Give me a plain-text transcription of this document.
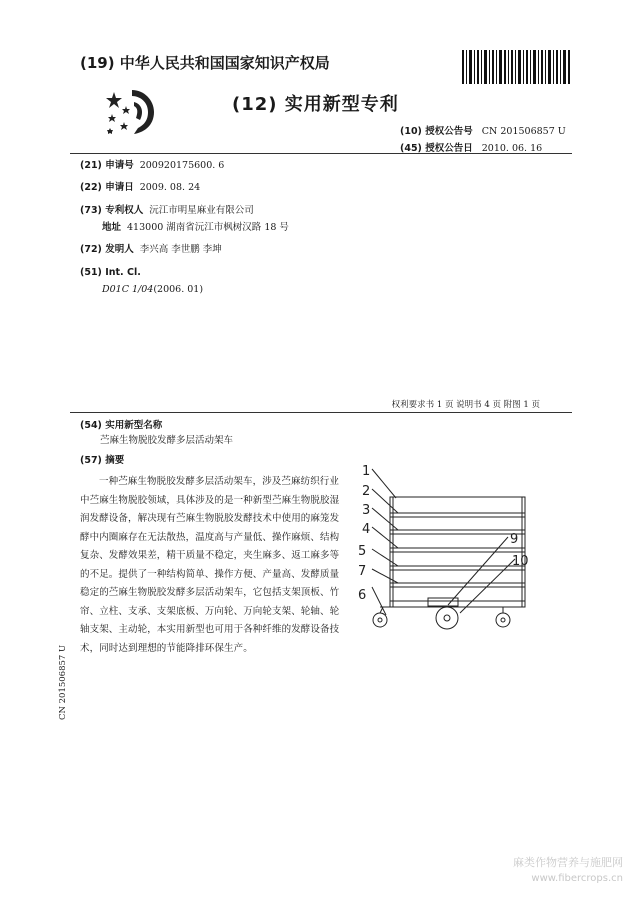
(19) 中华人民共和国国家知识产权局
(12) 实用新型专利
(10) 授权公告号 CN 201506857 U
(45) 授权公告日 2010. 06. 16
(21) 申请号 200920175600. 6
(22) 申请日 2009. 08. 24
(73) 专利权人 沅江市明星麻业有限公司
地址 413000 湖南省沅江市枫树汉路 18 号
(72) 发明人 李兴高 李世鹏 李坤
(51) Int. Cl.
D01C 1/04(2006. 01)
权利要求书 1 页 说明书 4 页 附图 1 页
(54) 实用新型名称
苎麻生物脱胶发酵多层活动架车
(57) 摘要
一种苎麻生物脱胶发酵多层活动架车，涉及苎麻纺织行业中苎麻生物脱胶领域，具体涉及的是一种新型苎麻生物脱胶湿润发酵设备，解决现有苎麻生物脱胶发酵技术中使用的麻笼发酵中内圈麻存在无法散热，温度高与产量低、操作麻烦、结构复杂、发酵效果差，精干质量不稳定，夹生麻多、返工麻多等的不足。提供了一种结构简单、操作方便、产量高、发酵质量稳定的苎麻生物脱胶发酵多层活动架车，它包括支架顶板、竹帘、立柱、支承、支架底板、万向轮、万向轮支架、轮轴、轮轴支架、主动轮，本实用新型也可用于各种纤维的发酵设备技术，同时达到理想的节能降排环保生产。
1
2
3
4
5
7
6
9
10
CN 201506857 U
麻类作物营养与施肥网
www.fibercrops.cn
